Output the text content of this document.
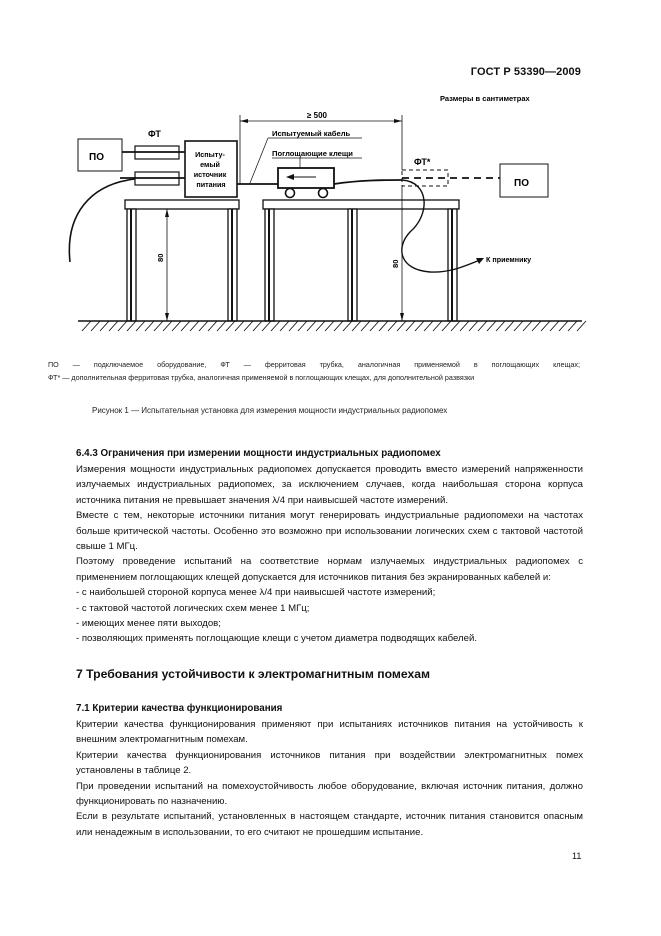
ГОСТ Р 53390—2009
Размеры в сантиметрах
≥ 500
ПО
ФТ
Испыту- емый источник питания
Испытуемый кабель
Поглощающие клещи
ФТ*
ПО
80
80	К приемнику

ПО — подключаемое оборудование, ФТ — ферритовая трубка, аналогичная применяемой в поглощающих клещах;

ФТ* — дополнительная ферритовая трубка, аналогичная применяемой в поглощающих клещах, для дополнительной развязки

Рисунок 1 — Испытательная установка для измерения мощности индустриальных радиопомех
6.4.3 Ограничения при измерении мощности индустриальных радиопомех

Измерения мощности индустриальных радиопомех допускается проводить вместо измерений напряженности излучаемых индустриальных радиопомех, за исключением случаев, когда наибольшая сторона корпуса источника питания не превышает значения λ/4 при наивысшей частоте измерений.

Вместе с тем, некоторые источники питания могут генерировать индустриальные радиопомехи на частотах больше критической частоты. Особенно это возможно при использовании логических схем с тактовой частотой свыше 1 МГц.

Поэтому проведение испытаний на соответствие нормам излучаемых индустриальных радиопомех с применением поглощающих клещей допускается для источников питания без экранированных кабелей и:

- с наибольшей стороной корпуса менее λ/4 при наивысшей частоте измерений;

- с тактовой частотой логических схем менее 1 МГц;

- имеющих менее пяти выходов;

- позволяющих применять поглощающие клещи с учетом диаметра подводящих кабелей.

7 Требования устойчивости к электромагнитным помехам
7.1 Критерии качества функционирования

Критерии качества функционирования применяют при испытаниях источников питания на устойчивость к внешним электромагнитным помехам.

Критерии качества функционирования источников питания при воздействии электромагнитных помех установлены в таблице 2.

При проведении испытаний на помехоустойчивость любое оборудование, включая источник питания, должно функционировать по назначению.

Если в результате испытаний, установленных в настоящем стандарте, источник питания становится опасным или ненадежным в использовании, то его считают не прошедшим испытание.

11
